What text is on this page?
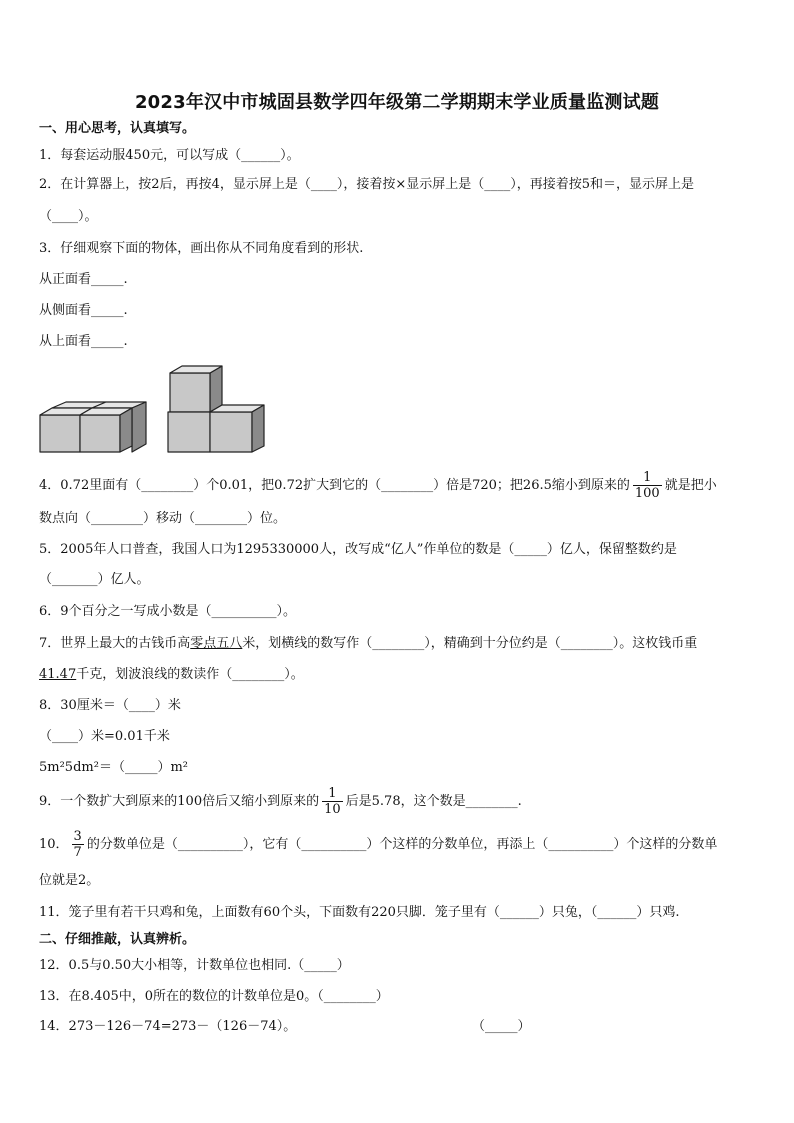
2023年汉中市城固县数学四年级第二学期期末学业质量监测试题
一、用心思考，认真填写。
1．每套运动服450元，可以写成（______）。
2．在计算器上，按2后，再按4，显示屏上是（____），接着按×显示屏上是（____），再接着按5和＝，显示屏上是
（____）。
3．仔细观察下面的物体，画出你从不同角度看到的形状.
从正面看_____.
从侧面看_____.
从上面看_____.
4．0.72里面有（________）个0.01，把0.72扩大到它的（________）倍是720；把26.5缩小到原来的 $\frac{1}{100}$ 就是把小
数点向（________）移动（________）位。
5．2005年人口普查，我国人口为1295330000人，改写成“亿人”作单位的数是（_____）亿人，保留整数约是
（_______）亿人。
6．9个百分之一写成小数是（__________）。
7．世界上最大的古钱币高零点五八米，划横线的数写作（________），精确到十分位约是（________）。这枚钱币重
41.47千克，划波浪线的数读作（________）。
8．30厘米＝（____）米
（____）米=0.01千米
5m²5dm²＝（_____）m²
9．一个数扩大到原来的100倍后又缩小到原来的 $\frac{1}{10}$ 后是5.78，这个数是________.
10． $\frac{3}{7}$ 的分数单位是（__________），它有（__________）个这样的分数单位，再添上（__________）个这样的分数单
位就是2。
11．笼子里有若干只鸡和兔，上面数有60个头，下面数有220只脚．笼子里有（______）只兔，（______）只鸡.
二、仔细推敲，认真辨析。
12．0.5与0.50大小相等，计数单位也相同.（_____）
13．在8.405中，0所在的数位的计数单位是0。（________）
14．273－126－74=273－（126－74）。	（_____）
